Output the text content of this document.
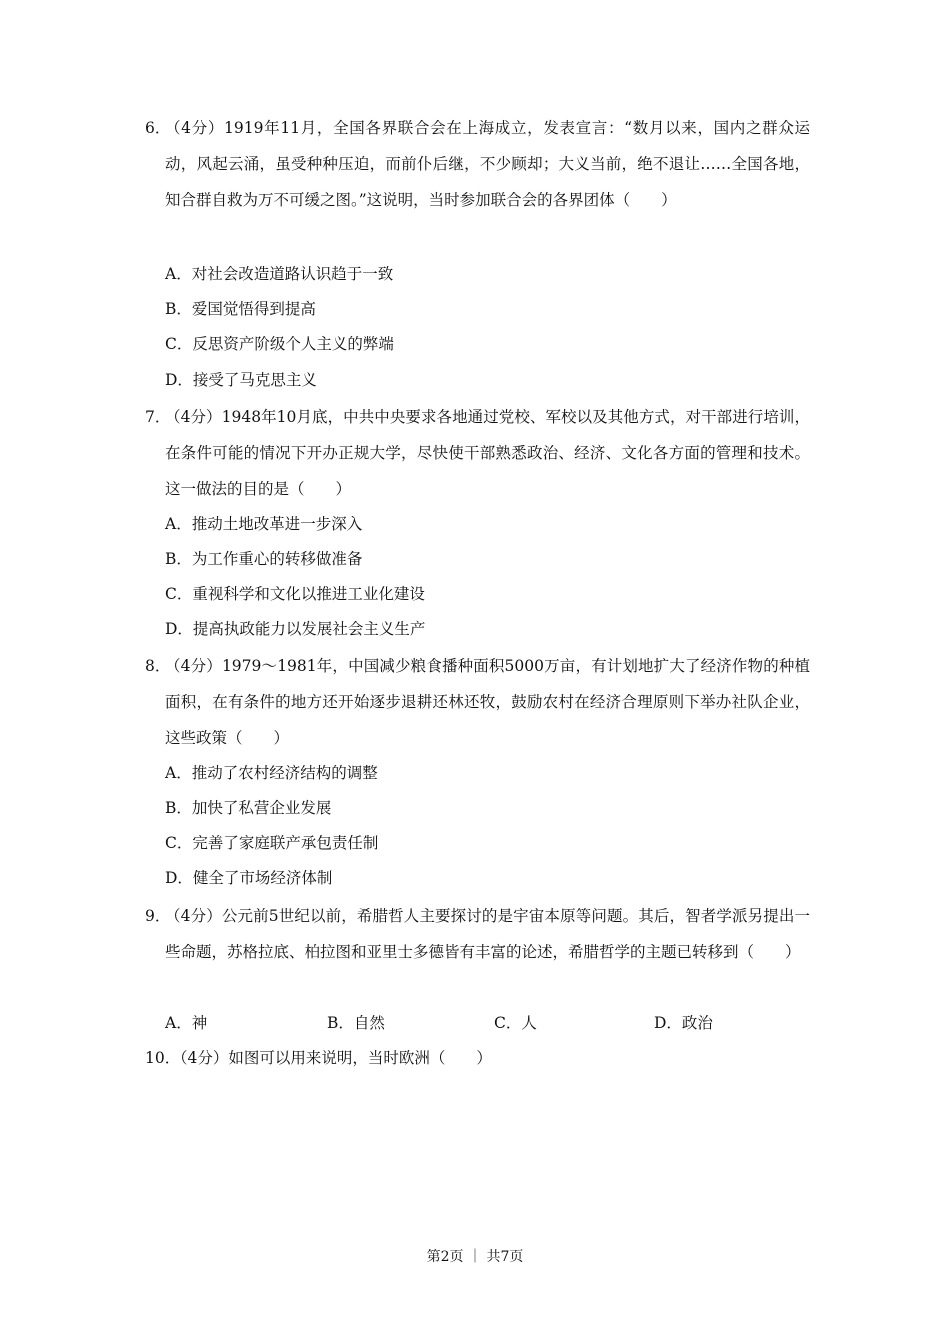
6．
（4分）1919年11月，全国各界联合会在上海成立，发表宣言：“数月以来，国内之群众运动，风起云涌，虽受种种压迫，而前仆后继，不少顾却；大义当前，绝不退让……全国各地，知合群自救为万不可缓之图。”这说明，当时参加联合会的各界团体（　　）
A．对社会改造道路认识趋于一致
B．爱国觉悟得到提高
C．反思资产阶级个人主义的弊端
D．接受了马克思主义
7．
（4分）1948年10月底，中共中央要求各地通过党校、军校以及其他方式，对干部进行培训，在条件可能的情况下开办正规大学，尽快使干部熟悉政治、经济、文化各方面的管理和技术。这一做法的目的是（　　）
A．推动土地改革进一步深入
B．为工作重心的转移做准备
C．重视科学和文化以推进工业化建设
D．提高执政能力以发展社会主义生产
8．
（4分）1979～1981年，中国减少粮食播种面积5000万亩，有计划地扩大了经济作物的种植面积，在有条件的地方还开始逐步退耕还林还牧，鼓励农村在经济合理原则下举办社队企业，这些政策（　　）
A．推动了农村经济结构的调整
B．加快了私营企业发展
C．完善了家庭联产承包责任制
D．健全了市场经济体制
9．
（4分）公元前5世纪以前，希腊哲人主要探讨的是宇宙本原等问题。其后，智者学派另提出一些命题，苏格拉底、柏拉图和亚里士多德皆有丰富的论述，希腊哲学的主题已转移到（　　）
A．神	B．自然	C．人	D．政治
10．
（4分）如图可以用来说明，当时欧洲（　　）
第2页 ｜ 共7页
